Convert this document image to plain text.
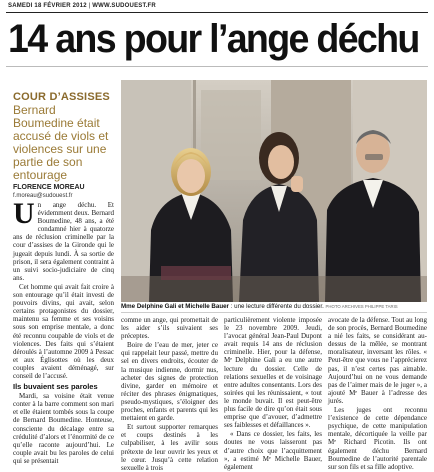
SAMEDI 18 FÉVRIER 2012 | WWW.SUDOUEST.FR
14 ans pour l’ange déchu
COUR D’ASSISES
Bernard Boumedine était accusé de viols et violences sur une partie de son entourage
FLORENCE MOREAU
f.moreau@sudouest.fr

Un ange déchu. Et évidemment deux. Bernard Boumedine, 48 ans, a été condamné hier à quatorze ans de réclusion criminelle par la cour d’assises de la Gironde qui le jugeait depuis lundi. À sa sortie de prison, il sera également contraint à un suivi socio-judiciaire de cinq ans.

Cet homme qui avait fait croire à son entourage qu’il était investi de pouvoirs divins, qui avait, selon certains protagonistes du dossier, maintenu sa femme et ses voisins sous son emprise mentale, a donc été reconnu coupable de viols et de violences. Des faits qui s’étaient déroulés à l’automne 2009 à Pessac et aux Églisottes où les deux couples avaient déménagé, sur conseil de l’accusé.

Ils buvaient ses paroles

Mardi, sa voisine était venue conter à la barre comment son mari et elle étaient tombés sous la coupe de Bernard Boumedine. Honteuse, consciente du décalage entre sa crédulité d’alors et l’énormité de ce qu’elle raconte aujourd’hui. Le couple avait bu les paroles de celui qui se présentait

Mme Delphine Gali et Michelle Bauer : une lecture différente du dossier. PHOTO ARCHIVES PHILIPPE TARIS

comme un ange, qui promettait de les aider s’ils suivaient ses préceptes.

Boire de l’eau de mer, jeter ce qui rappelait leur passé, mettre du sel en divers endroits, écouter de la musique indienne, dormir nus, acheter des signes de protection divine, garder en mémoire et réciter des phrases énigmatiques, pseudo-mystiques, s’éloigner des proches, enfants et parents qui les mettaient en garde.

Et surtout supporter remarques et coups destinés à les culpabiliser, à les avilir sous prétexte de leur ouvrir les yeux et le cœur. Jusqu’à cette relation sexuelle à trois

particulièrement violente imposée le 23 novembre 2009. Jeudi, l’avocat général Jean-Paul Dupont avait requis 14 ans de réclusion criminelle. Hier, pour la défense, Mᵉ Delphine Gali a eu une autre lecture du dossier. Celle de relations sexuelles et de voisinage entre adultes consentants. Lors des soirées qui les réunissaient, « tout le monde buvait. Il est peut-être plus facile de dire qu’on était sous emprise que d’avouer, d’admettre ses faiblesses et défaillances ».

« Dans ce dossier, les faits, les doutes ne vous laisseront pas d’autre choix que l’acquittement », a estimé Mᵉ Michelle Bauer, également

avocate de la défense. Tout au long de son procès, Bernard Boumedine a nié les faits, se considérant au-dessus de la mêlée, se montrant moralisateur, inversant les rôles. « Peut-être que vous ne l’apprécierez pas, il n’est certes pas aimable. Aujourd’hui on ne vous demande pas de l’aimer mais de le juger », a ajouté Mᵉ Bauer à l’adresse des jurés.

Les juges ont reconnu l’existence de cette dépendance psychique, de cette manipulation mentale, décortiquée la veille par Mᵉ Richard Picotin. Ils ont également déchu Bernard Boumedine de l’autorité parentale sur son fils et sa fille adoptive.
